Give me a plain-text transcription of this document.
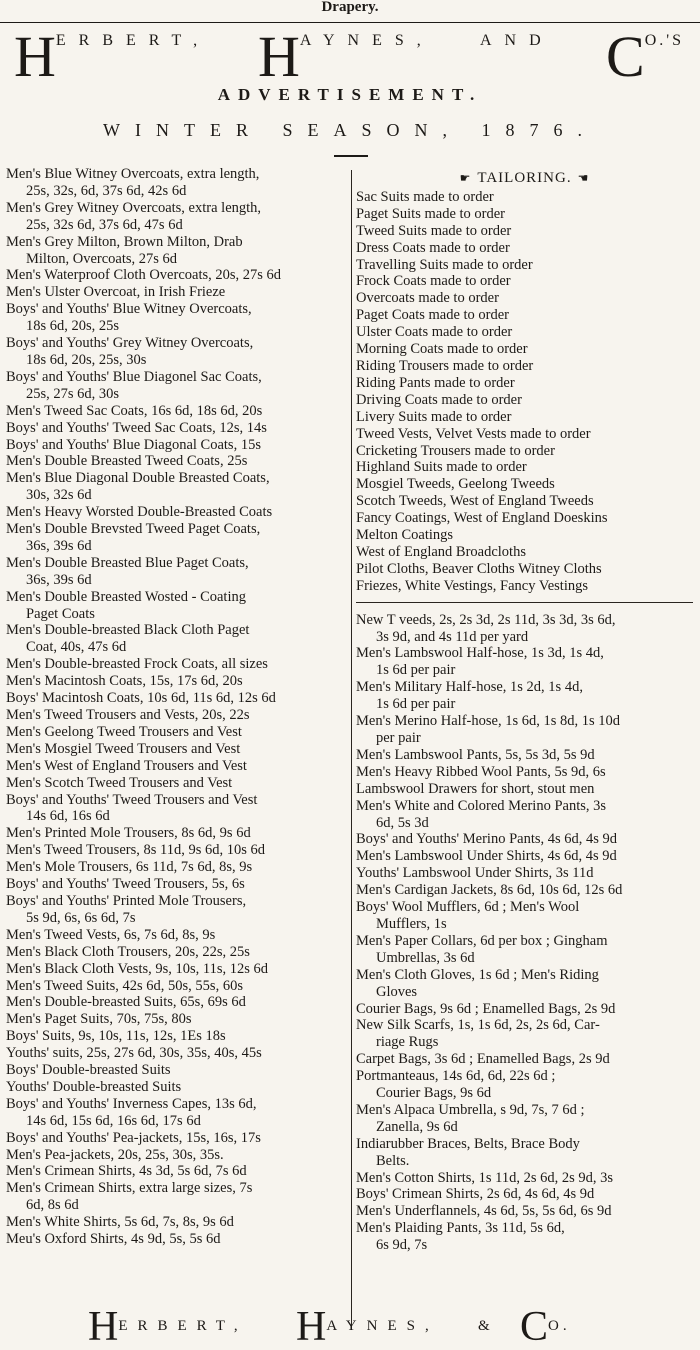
Drapery.
HERBERT, HAYNES,	AND CO.'S
ADVERTISEMENT.
WINTER SEASON, 1876.
Men's Blue Witney Overcoats, extra length,
25s, 32s, 6d, 37s 6d, 42s 6d
Men's Grey Witney Overcoats, extra length,
25s, 32s 6d, 37s 6d, 47s 6d
Men's Grey Milton, Brown Milton, Drab
Milton, Overcoats, 27s 6d
Men's Waterproof Cloth Overcoats, 20s, 27s 6d
Men's Ulster Overcoat, in Irish Frieze
Boys' and Youths' Blue Witney Overcoats,
18s 6d, 20s, 25s
Boys' and Youths' Grey Witney Overcoats,
18s 6d, 20s, 25s, 30s
Boys' and Youths' Blue Diagonel Sac Coats,
25s, 27s 6d, 30s
Men's Tweed Sac Coats, 16s 6d, 18s 6d, 20s
Boys' and Youths' Tweed Sac Coats, 12s, 14s
Boys' and Youths' Blue Diagonal Coats, 15s
Men's Double Breasted Tweed Coats, 25s
Men's Blue Diagonal Double Breasted Coats,
30s, 32s 6d
Men's Heavy Worsted Double-Breasted Coats
Men's Double Brevsted Tweed Paget Coats,
36s, 39s 6d
Men's Double Breasted Blue Paget Coats,
36s, 39s 6d
Men's Double Breasted Wosted - Coating
Paget Coats
Men's Double-breasted Black Cloth Paget
Coat, 40s, 47s 6d
Men's Double-breasted Frock Coats, all sizes
Men's Macintosh Coats, 15s, 17s 6d, 20s
Boys' Macintosh Coats, 10s 6d, 11s 6d, 12s 6d
Men's Tweed Trousers and Vests, 20s, 22s
Men's Geelong Tweed Trousers and Vest
Men's Mosgiel Tweed Trousers and Vest
Men's West of England Trousers and Vest
Men's Scotch Tweed Trousers and Vest
Boys' and Youths' Tweed Trousers and Vest
14s 6d, 16s 6d
Men's Printed Mole Trousers, 8s 6d, 9s 6d
Men's Tweed Trousers, 8s 11d, 9s 6d, 10s 6d
Men's Mole Trousers, 6s 11d, 7s 6d, 8s, 9s
Boys' and Youths' Tweed Trousers, 5s, 6s
Boys' and Youths' Printed Mole Trousers,
5s 9d, 6s, 6s 6d, 7s
Men's Tweed Vests, 6s, 7s 6d, 8s, 9s
Men's Black Cloth Trousers, 20s, 22s, 25s
Men's Black Cloth Vests, 9s, 10s, 11s, 12s 6d
Men's Tweed Suits, 42s 6d, 50s, 55s, 60s
Men's Double-breasted Suits, 65s, 69s 6d
Men's Paget Suits, 70s, 75s, 80s
Boys' Suits, 9s, 10s, 11s, 12s, 1Es 18s
Youths' suits, 25s, 27s 6d, 30s, 35s, 40s, 45s
Boys' Double-breasted Suits
Youths' Double-breasted Suits
Boys' and Youths' Inverness Capes, 13s 6d,
14s 6d, 15s 6d, 16s 6d, 17s 6d
Boys' and Youths' Pea-jackets, 15s, 16s, 17s
Men's Pea-jackets, 20s, 25s, 30s, 35s.
Men's Crimean Shirts, 4s 3d, 5s 6d, 7s 6d
Men's Crimean Shirts, extra large sizes, 7s
6d, 8s 6d
Men's White Shirts, 5s 6d, 7s, 8s, 9s 6d
Meu's Oxford Shirts, 4s 9d, 5s, 5s 6d
☛ TAILORING. ☚
Sac Suits made to order
Paget Suits made to order
Tweed Suits made to order
Dress Coats made to order
Travelling Suits made to order
Frock Coats made to order
Overcoats made to order
Paget Coats made to order
Ulster Coats made to order
Morning Coats made to order
Riding Trousers made to order
Riding Pants made to order
Driving Coats made to order
Livery Suits made to order
Tweed Vests, Velvet Vests made to order
Cricketing Trousers made to order
Highland Suits made to order
Mosgiel Tweeds, Geelong Tweeds
Scotch Tweeds, West of England Tweeds
Fancy Coatings, West of England Doeskins
Melton Coatings
West of England Broadcloths
Pilot Cloths, Beaver Cloths Witney Cloths
Friezes, White Vestings, Fancy Vestings
New T veeds, 2s, 2s 3d, 2s 11d, 3s 3d, 3s 6d,
3s 9d, and 4s 11d per yard
Men's Lambswool Half-hose, 1s 3d, 1s 4d,
1s 6d per pair
Men's Military Half-hose, 1s 2d, 1s 4d,
1s 6d per pair
Men's Merino Half-hose, 1s 6d, 1s 8d, 1s 10d
per pair
Men's Lambswool Pants, 5s, 5s 3d, 5s 9d
Men's Heavy Ribbed Wool Pants, 5s 9d, 6s
Lambswool Drawers for short, stout men
Men's White and Colored Merino Pants, 3s
6d, 5s 3d
Boys' and Youths' Merino Pants, 4s 6d, 4s 9d
Men's Lambswool Under Shirts, 4s 6d, 4s 9d
Youths' Lambswool Under Shirts, 3s 11d
Men's Cardigan Jackets, 8s 6d, 10s 6d, 12s 6d
Boys' Wool Mufflers, 6d ; Men's Wool
Mufflers, 1s
Men's Paper Collars, 6d per box ; Gingham
Umbrellas, 3s 6d
Men's Cloth Gloves, 1s 6d ; Men's Riding
Gloves
Courier Bags, 9s 6d ; Enamelled Bags, 2s 9d
New Silk Scarfs, 1s, 1s 6d, 2s, 2s 6d, Car-
riage Rugs
Carpet Bags, 3s 6d ; Enamelled Bags, 2s 9d
Portmanteaus, 14s 6d, 6d, 22s 6d ;
Courier Bags, 9s 6d
Men's Alpaca Umbrella, s 9d, 7s, 7 6d ;
Zanella, 9s 6d
Indiarubber Braces, Belts, Brace Body
Belts.
Men's Cotton Shirts, 1s 11d, 2s 6d, 2s 9d, 3s
Boys' Crimean Shirts, 2s 6d, 4s 6d, 4s 9d
Men's Underflannels, 4s 6d, 5s, 5s 6d, 6s 9d
Men's Plaiding Pants, 3s 11d, 5s 6d,
6s 9d, 7s
HERBERT, HAYNES,	& CO.
